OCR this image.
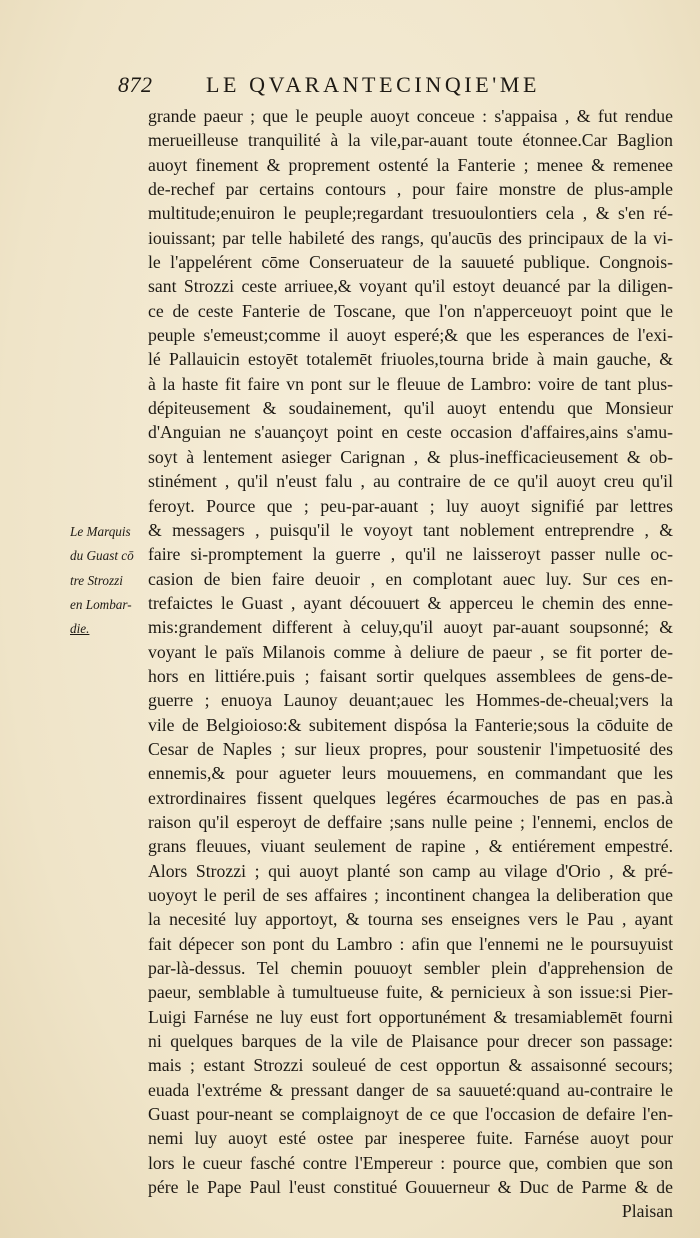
872 LE QVARANTECINQIE'ME
Le Marquis
du Guast cō
tre Strozzi
en Lombar-
die.
grande paeur ; que le peuple auoyt conceue : s'appaisa , & fut rendue
merueilleuse tranquilité à la vile,par-auant toute étonnee.Car Baglion
auoyt finement & proprement ostenté la Fanterie ; menee & remenee
de-rechef par certains contours , pour faire monstre de plus-ample
multitude;enuiron le peuple;regardant tresuoulontiers cela , & s'en ré-
iouissant; par telle habileté des rangs, qu'aucūs des principaux de la vi-
le l'appelérent cōme Conseruateur de la sauueté publique. Congnois-
sant Strozzi ceste arriuee,& voyant qu'il estoyt deuancé par la diligen-
ce de ceste Fanterie de Toscane, que l'on n'apperceuoyt point que le
peuple s'emeust;comme il auoyt esperé;& que les esperances de l'exi-
lé Pallauicin estoyēt totalemēt friuoles,tourna bride à main gauche, &
à la haste fit faire vn pont sur le fleuue de Lambro: voire de tant plus-
dépiteusement & soudainement, qu'il auoyt entendu que Monsieur
d'Anguian ne s'auançoyt point en ceste occasion d'affaires,ains s'amu-
soyt à lentement asieger Carignan , & plus-inefficacieusement & ob-
stinément , qu'il n'eust falu , au contraire de ce qu'il auoyt creu qu'il
feroyt. Pource que ; peu-par-auant ; luy auoyt signifié par lettres
& messagers , puisqu'il le voyoyt tant noblement entreprendre , &
faire si-promptement la guerre , qu'il ne laisseroyt passer nulle oc-
casion de bien faire deuoir , en complotant auec luy. Sur ces en-
trefaictes le Guast , ayant découuert & apperceu le chemin des enne-
mis:grandement different à celuy,qu'il auoyt par-auant soupsonné; &
voyant le païs Milanois comme à deliure de paeur , se fit porter de-
hors en littiére.puis ; faisant sortir quelques assemblees de gens-de-
guerre ; enuoya Launoy deuant;auec les Hommes-de-cheual;vers la
vile de Belgioioso:& subitement dispósa la Fanterie;sous la cōduite de
Cesar de Naples ; sur lieux propres, pour soustenir l'impetuosité des
ennemis,& pour agueter leurs mouuemens, en commandant que les
extrordinaires fissent quelques legéres écarmouches de pas en pas.à
raison qu'il esperoyt de deffaire ;sans nulle peine ; l'ennemi, enclos de
grans fleuues, viuant seulement de rapine , & entiérement empestré.
Alors Strozzi ; qui auoyt planté son camp au vilage d'Orio , & pré-
uoyoyt le peril de ses affaires ; incontinent changea la deliberation que
la necesité luy apportoyt, & tourna ses enseignes vers le Pau , ayant
fait dépecer son pont du Lambro : afin que l'ennemi ne le poursuyuist
par-là-dessus. Tel chemin pouuoyt sembler plein d'apprehension de
paeur, semblable à tumultueuse fuite, & pernicieux à son issue:si Pier-
Luigi Farnése ne luy eust fort opportunément & tresamiablemēt fourni
ni quelques barques de la vile de Plaisance pour drecer son passage:
mais ; estant Strozzi souleué de cest opportun & assaisonné secours;
euada l'extréme & pressant danger de sa sauueté:quand au-contraire le
Guast pour-neant se complaignoyt de ce que l'occasion de defaire l'en-
nemi luy auoyt esté ostee par inesperee fuite. Farnése auoyt pour
lors le cueur fasché contre l'Empereur : pource que, combien que son
pére le Pape Paul l'eust constitué Gouuerneur & Duc de Parme & de
Plaisan
